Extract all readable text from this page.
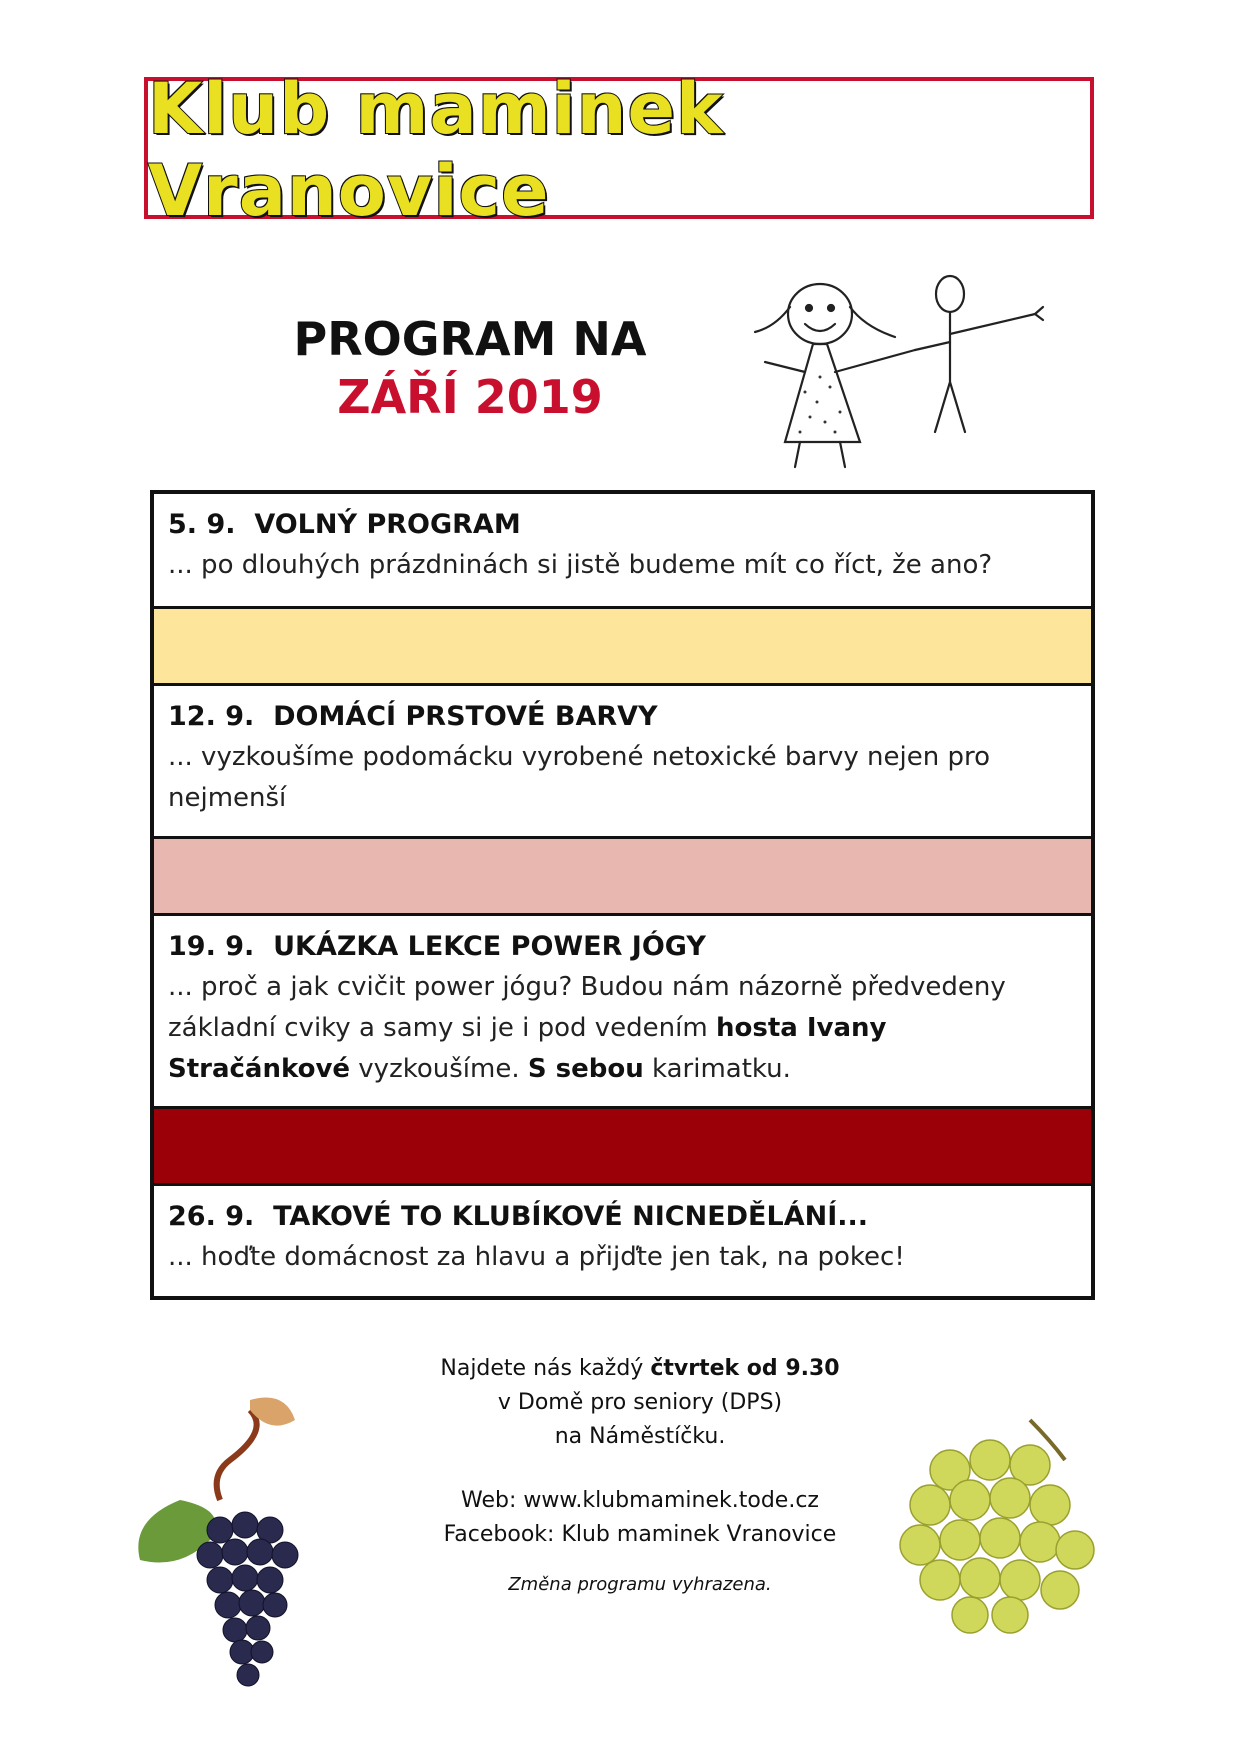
Klub maminek Vranovice
PROGRAM NA
ZÁŘÍ 2019
5. 9. VOLNÝ PROGRAM
... po dlouhých prázdninách si jistě budeme mít co říct, že ano?
12. 9. DOMÁCÍ PRSTOVÉ BARVY
... vyzkoušíme podomácku vyrobené netoxické barvy nejen pro nejmenší
19. 9. UKÁZKA LEKCE POWER JÓGY
... proč a jak cvičit power jógu? Budou nám názorně předvedeny základní cviky a samy si je i pod vedením hosta Ivany Stračánkové vyzkoušíme. S sebou karimatku.
26. 9. TAKOVÉ TO KLUBÍKOVÉ NICNEDĚLÁNÍ...
... hoďte domácnost za hlavu a přijďte jen tak, na pokec!
Najdete nás každý čtvrtek od 9.30
v Domě pro seniory (DPS)
na Náměstíčku.
Web: www.klubmaminek.tode.cz
Facebook: Klub maminek Vranovice
Změna programu vyhrazena.
